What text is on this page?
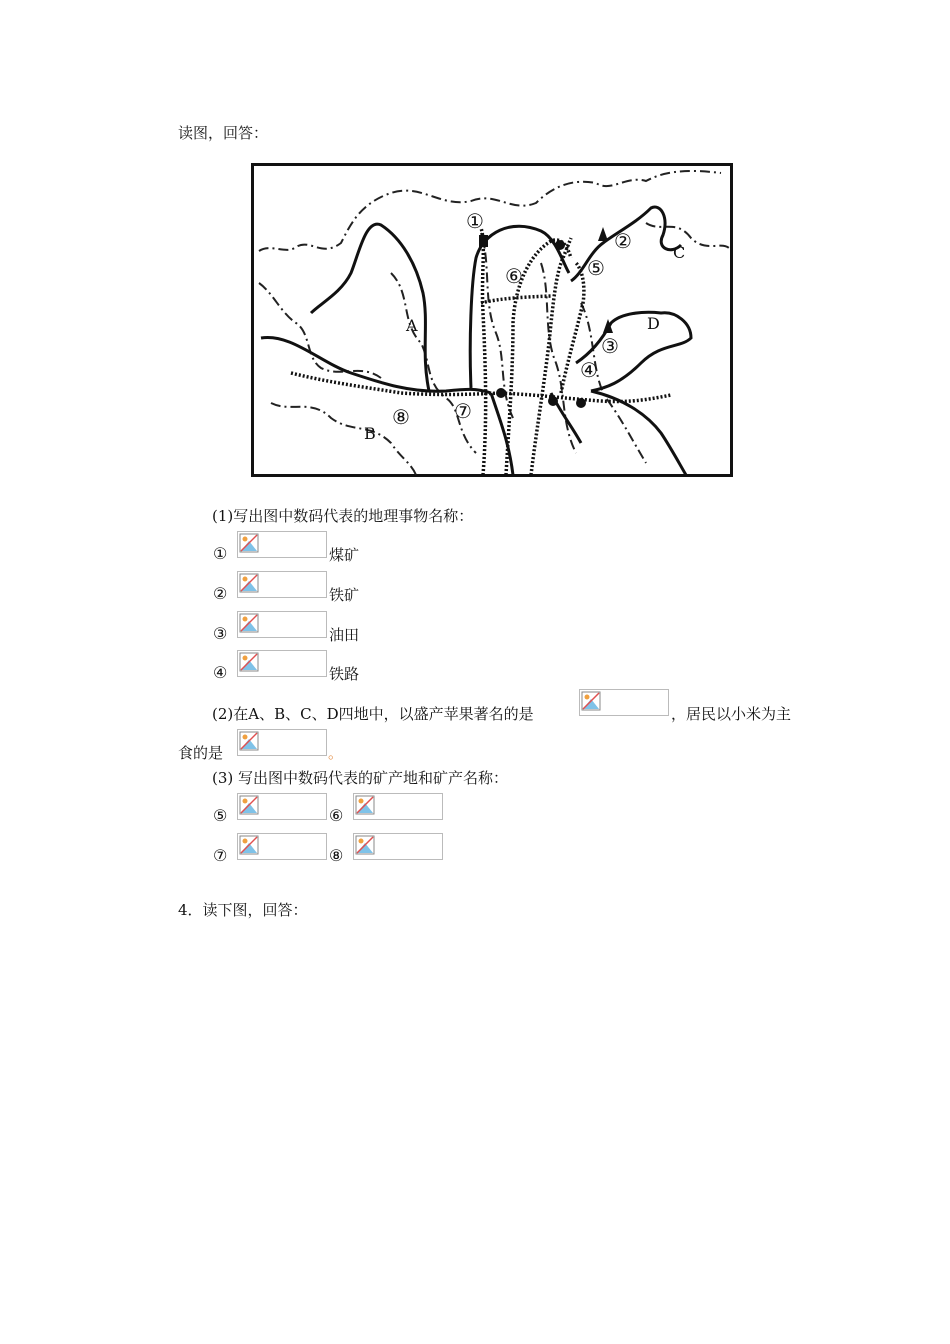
读图，回答：
A
B
C
D
①
②
③
④
⑤
⑥
⑦
⑧
(1)写出图中数码代表的地理事物名称：
①	煤矿
②	铁矿
③	油田
④	铁路
(2)在A、B、C、D四地中，以盛产苹果著名的是	，居民以小米为主
食的是	。
(3) 写出图中数码代表的矿产地和矿产名称：
⑤	⑥
⑦	⑧
4．读下图，回答：
